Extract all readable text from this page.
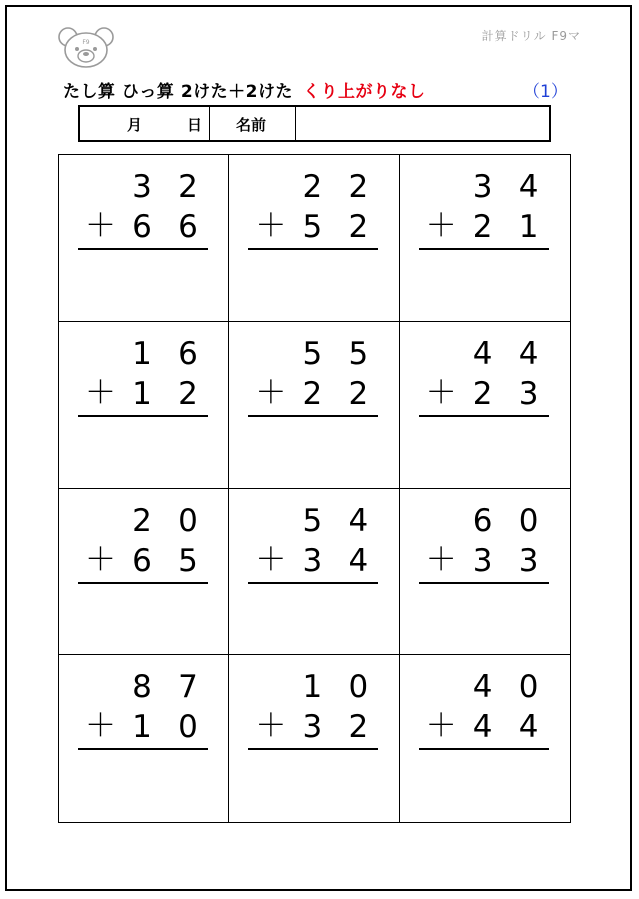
F9	計算ドリル F9マ
たし算 ひっ算 2けた＋2けた くり上がりなし	（1）
月	日	名前
3 2
＋ 6 6
2 2
＋ 5 2
3 4
＋ 2 1
1 6
＋ 1 2
5 5
＋ 2 2
4 4
＋ 2 3
2 0
＋ 6 5
5 4
＋ 3 4
6 0
＋ 3 3
8 7
＋ 1 0
1 0
＋ 3 2
4 0
＋ 4 4
